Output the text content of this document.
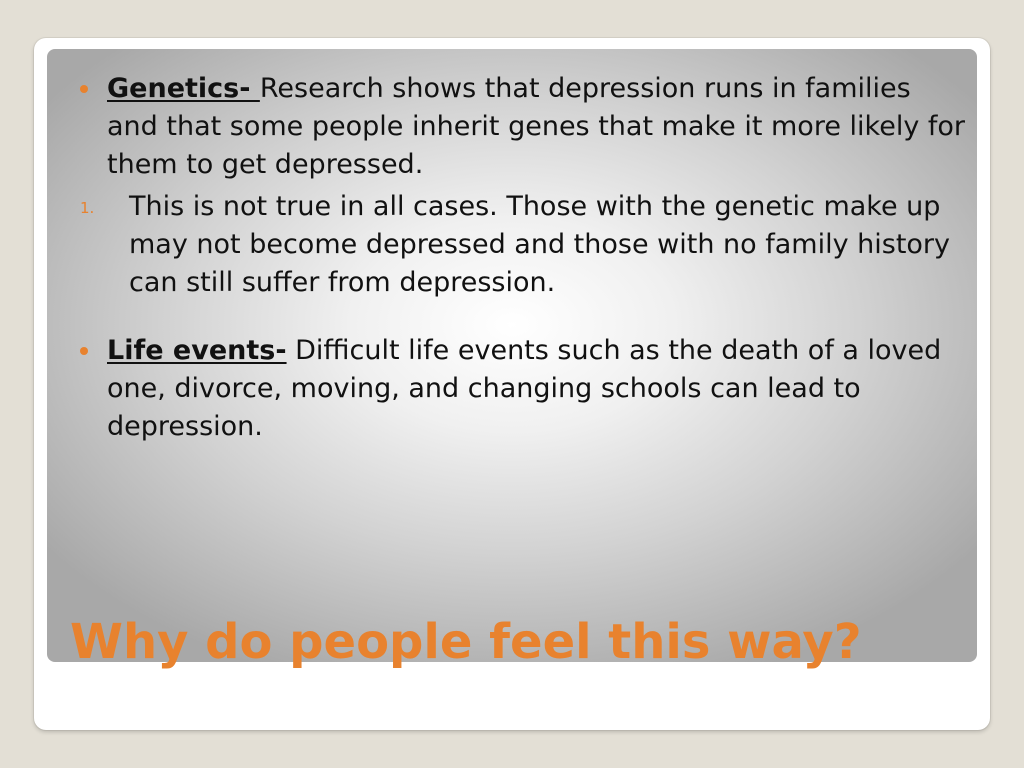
Genetics- Research shows that depression runs in families and that some people inherit genes that make it more likely for them to get depressed.

1. This is not true in all cases. Those with the genetic make up may not become depressed and those with no family history can still suffer from depression.

Life events- Difficult life events such as the death of a loved one, divorce, moving, and changing schools can lead to depression.

Why do people feel this way?
